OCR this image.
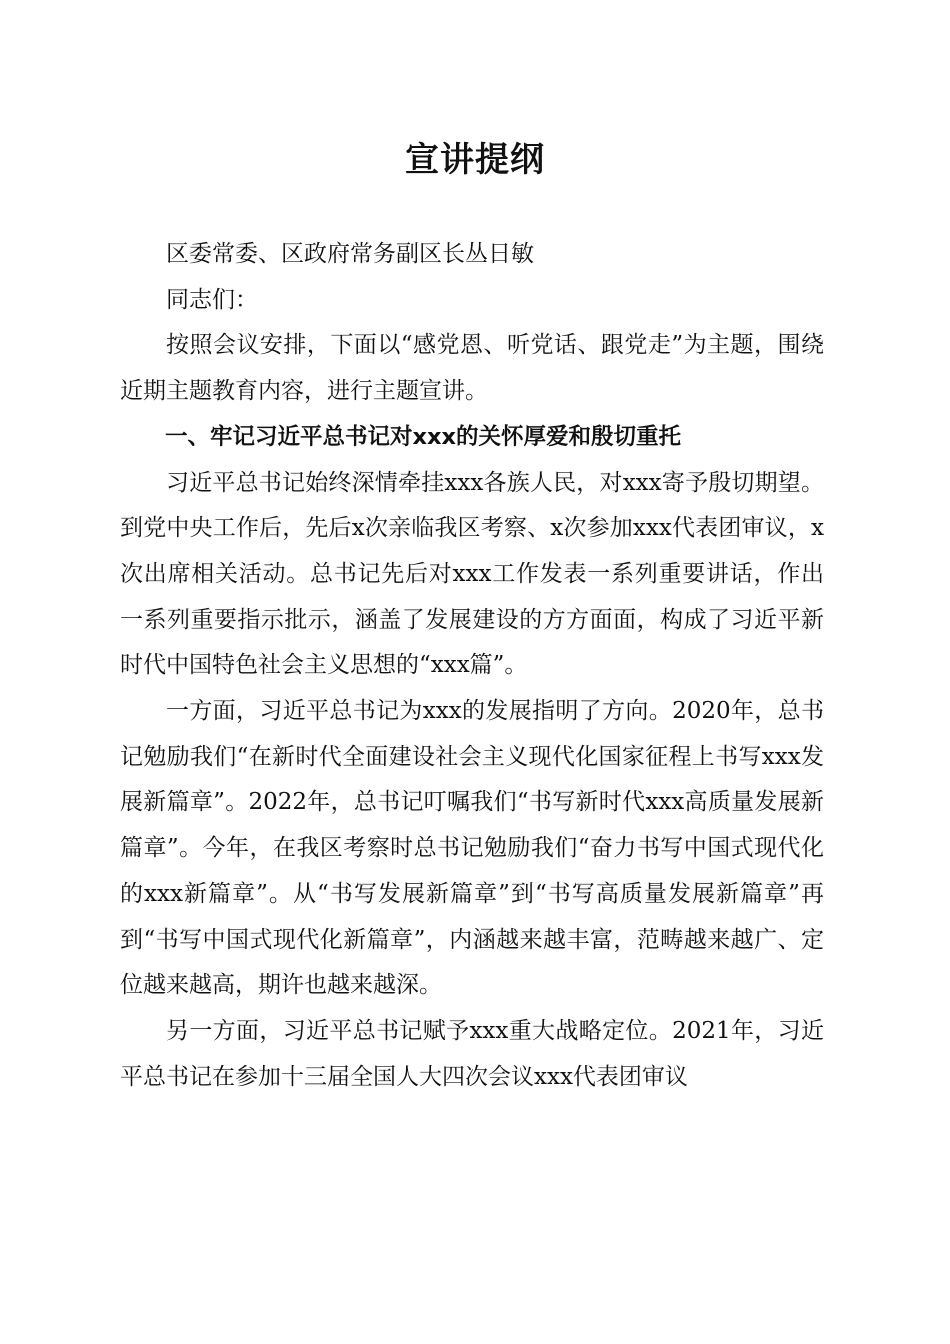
宣讲提纲

区委常委、区政府常务副区长丛日敏

同志们：

按照会议安排，下面以“感党恩、听党话、跟党走”为主题，围绕近期主题教育内容，进行主题宣讲。

一、牢记习近平总书记对xxx的关怀厚爱和殷切重托

习近平总书记始终深情牵挂xxx各族人民，对xxx寄予殷切期望。到党中央工作后，先后x次亲临我区考察、x次参加xxx代表团审议，x次出席相关活动。总书记先后对xxx工作发表一系列重要讲话，作出一系列重要指示批示，涵盖了发展建设的方方面面，构成了习近平新时代中国特色社会主义思想的“xxx篇”。

一方面，习近平总书记为xxx的发展指明了方向。2020年，总书记勉励我们“在新时代全面建设社会主义现代化国家征程上书写xxx发展新篇章”。2022年，总书记叮嘱我们“书写新时代xxx高质量发展新篇章”。今年，在我区考察时总书记勉励我们“奋力书写中国式现代化的xxx新篇章”。从“书写发展新篇章”到“书写高质量发展新篇章”再到“书写中国式现代化新篇章”，内涵越来越丰富，范畴越来越广、定位越来越高，期许也越来越深。

另一方面，习近平总书记赋予xxx重大战略定位。2021年，习近平总书记在参加十三届全国人大四次会议xxx代表团审议
